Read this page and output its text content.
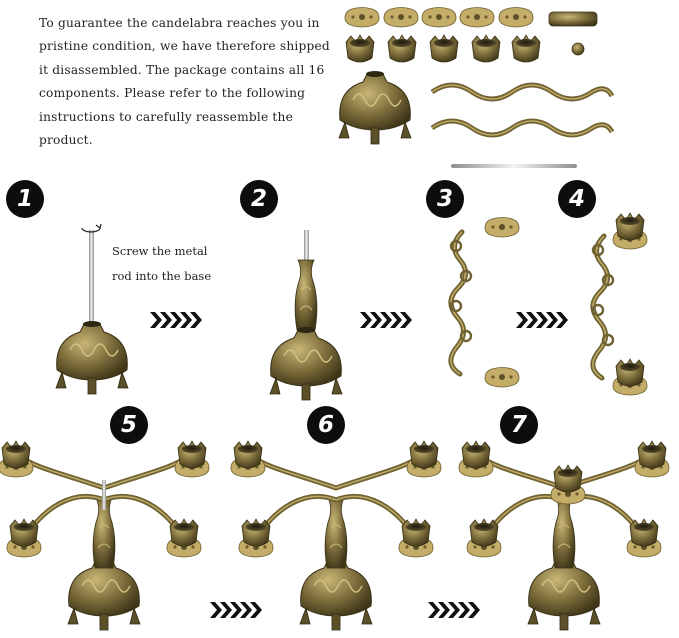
To guarantee the candelabra reaches you in pristine condition, we have therefore shipped it disassembled. The package contains all 16 components. Please refer to the following instructions to carefully reassemble the product.
1	2	3	4
5	6	7
Screw the metal rod into the base
